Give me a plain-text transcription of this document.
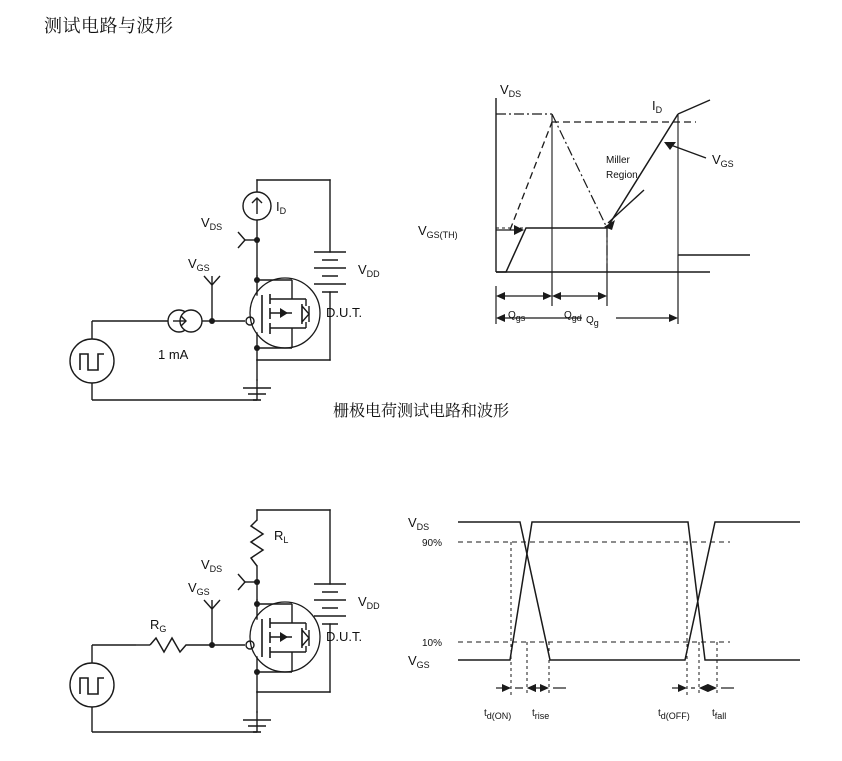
测试电路与波形
$I_D$
$V_{DS}$
$V_{GS}$
1 mA
D.U.T.
$V_{DD}$
Qgs	Qgd Qg
$V_{DS}$
$I_D$
$V_{GS}$
Miller
Region
$V_{GS(TH)}$
栅极电荷测试电路和波形
$R_L$
$V_{DS}$
$V_{GS}$
$R_G$	D.U.T.
$V_{DD}$
$V_{DS}$
$V_{GS}$
90%
10%
td(ON) trise	td(OFF) tfall
